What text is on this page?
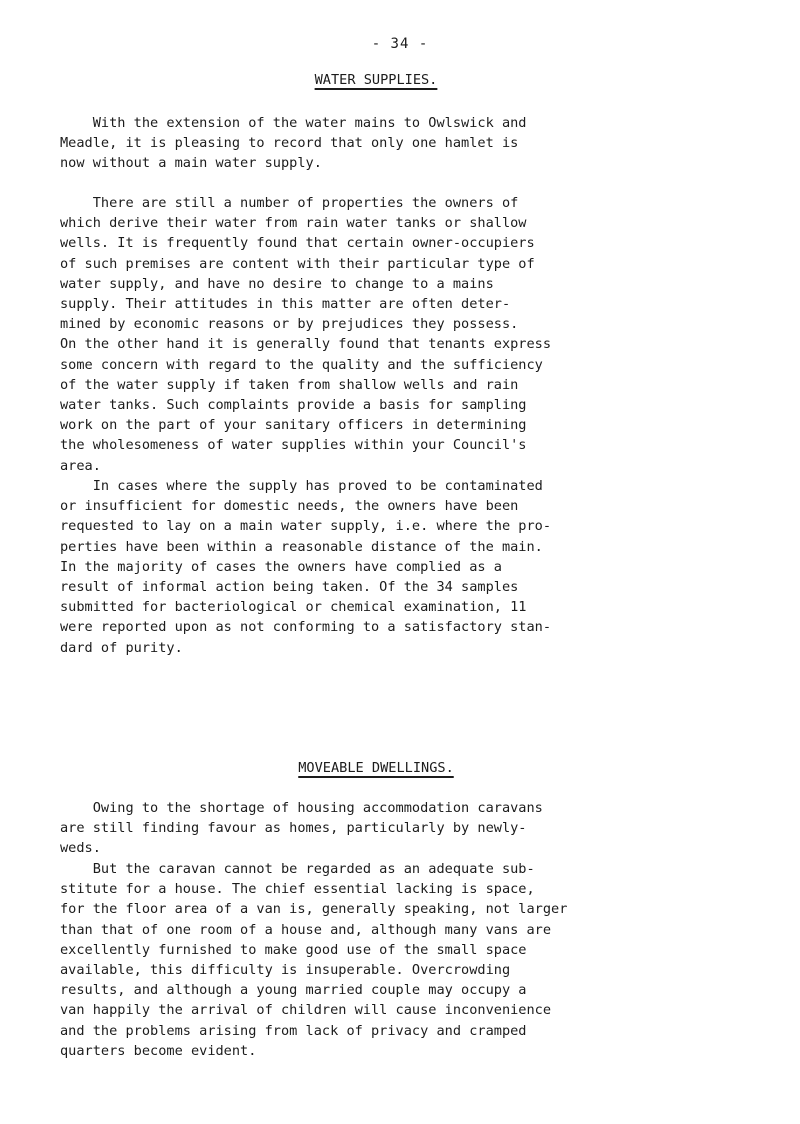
- 34 -
WATER SUPPLIES.

With the extension of the water mains to Owlswick and
Meadle, it is pleasing to record that only one hamlet is
now without a main water supply.

There are still a number of properties the owners of
which derive their water from rain water tanks or shallow
wells. It is frequently found that certain owner-occupiers
of such premises are content with their particular type of
water supply, and have no desire to change to a mains
supply. Their attitudes in this matter are often deter-
mined by economic reasons or by prejudices they possess.
On the other hand it is generally found that tenants express
some concern with regard to the quality and the sufficiency
of the water supply if taken from shallow wells and rain
water tanks. Such complaints provide a basis for sampling
work on the part of your sanitary officers in determining
the wholesomeness of water supplies within your Council's
area.

In cases where the supply has proved to be contaminated
or insufficient for domestic needs, the owners have been
requested to lay on a main water supply, i.e. where the pro-
perties have been within a reasonable distance of the main.
In the majority of cases the owners have complied as a
result of informal action being taken. Of the 34 samples
submitted for bacteriological or chemical examination, 11
were reported upon as not conforming to a satisfactory stan-
dard of purity.

MOVEABLE DWELLINGS.

Owing to the shortage of housing accommodation caravans
are still finding favour as homes, particularly by newly-
weds.

But the caravan cannot be regarded as an adequate sub-
stitute for a house. The chief essential lacking is space,
for the floor area of a van is, generally speaking, not larger
than that of one room of a house and, although many vans are
excellently furnished to make good use of the small space
available, this difficulty is insuperable. Overcrowding
results, and although a young married couple may occupy a
van happily the arrival of children will cause inconvenience
and the problems arising from lack of privacy and cramped
quarters become evident.
